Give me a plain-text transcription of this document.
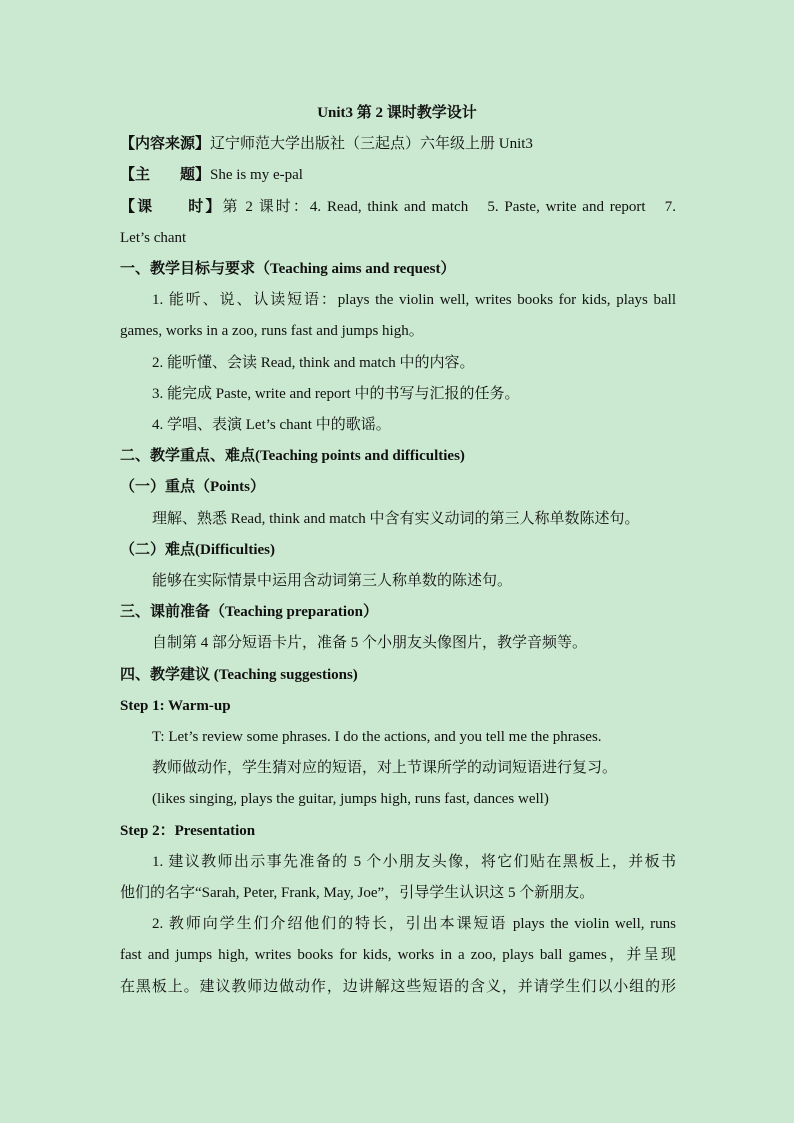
Unit3 第 2 课时教学设计
【内容来源】辽宁师范大学出版社（三起点）六年级上册 Unit3
【主　　题】She is my e-pal
【课　　时】第 2 课时：4. Read, think and match　5. Paste, write and report　7.
Let’s chant
一、教学目标与要求（Teaching aims and request）
1. 能听、说、认读短语：plays the violin well, writes books for kids, plays ball
games, works in a zoo, runs fast and jumps high。
2. 能听懂、会读 Read, think and match 中的内容。
3. 能完成 Paste, write and report 中的书写与汇报的任务。
4. 学唱、表演 Let’s chant 中的歌谣。
二、教学重点、难点(Teaching points and difficulties)
（一）重点（Points）
理解、熟悉 Read, think and match 中含有实义动词的第三人称单数陈述句。
（二）难点(Difficulties)
能够在实际情景中运用含动词第三人称单数的陈述句。
三、课前准备（Teaching preparation）
自制第 4 部分短语卡片，准备 5 个小朋友头像图片，教学音频等。
四、教学建议 (Teaching suggestions)
Step 1: Warm-up
T: Let’s review some phrases. I do the actions, and you tell me the phrases.
教师做动作，学生猜对应的短语，对上节课所学的动词短语进行复习。
(likes singing, plays the guitar, jumps high, runs fast, dances well)
Step 2：Presentation
1. 建议教师出示事先准备的 5 个小朋友头像，将它们贴在黑板上，并板书
他们的名字“Sarah, Peter, Frank, May, Joe”，引导学生认识这 5 个新朋友。
2. 教师向学生们介绍他们的特长，引出本课短语 plays the violin well, runs
fast and jumps high, writes books for kids, works in a zoo, plays ball games，并呈现
在黑板上。建议教师边做动作，边讲解这些短语的含义，并请学生们以小组的形
